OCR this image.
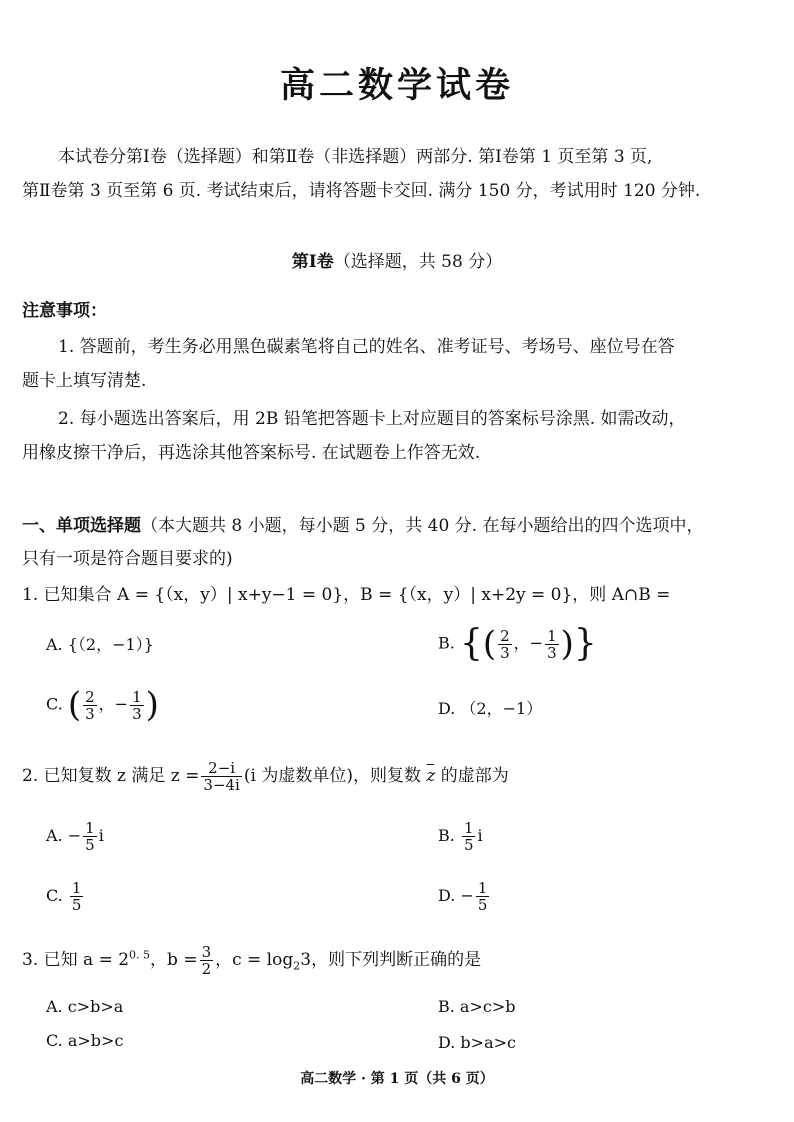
高二数学试卷
本试卷分第Ⅰ卷（选择题）和第Ⅱ卷（非选择题）两部分. 第Ⅰ卷第 1 页至第 3 页,
第Ⅱ卷第 3 页至第 6 页. 考试结束后，请将答题卡交回. 满分 150 分，考试用时 120 分钟.
第Ⅰ卷（选择题，共 58 分）
注意事项：
1. 答题前，考生务必用黑色碳素笔将自己的姓名、准考证号、考场号、座位号在答
题卡上填写清楚.
2. 每小题选出答案后，用 2B 铅笔把答题卡上对应题目的答案标号涂黑. 如需改动，
用橡皮擦干净后，再选涂其他答案标号. 在试题卷上作答无效.
一、单项选择题（本大题共 8 小题，每小题 5 分，共 40 分. 在每小题给出的四个选项中，
只有一项是符合题目要求的)
1. 已知集合 A = {（x，y）| x+y−1 = 0}，B = {（x，y）| x+2y = 0}，则 A∩B =
A. {（2，−1）}	B. {( $\frac{2}{3}$ ，− $\frac{1}{3}$ )}
C. ( $\frac{2}{3}$ ，− $\frac{1}{3}$ )	D. （2，−1）
2. 已知复数 z 满足 $z = \frac{2-i}{3-4i} (i$ 为虚数单位)，则复数 z 的虚部为
A. − $\frac{1}{5}$ i	B. $\frac{1}{5}$ i
C. $\frac{1}{5}$	D. − $\frac{1}{5}$
3. 已知 $a = 2^{0. 5}$，$b = \frac{3}{2}$ ，$c = \log_23$，则下列判断正确的是
A. c>b>a	B. a>c>b
C. a>b>c	D. b>a>c
高二数学 · 第 1 页（共 6 页）
